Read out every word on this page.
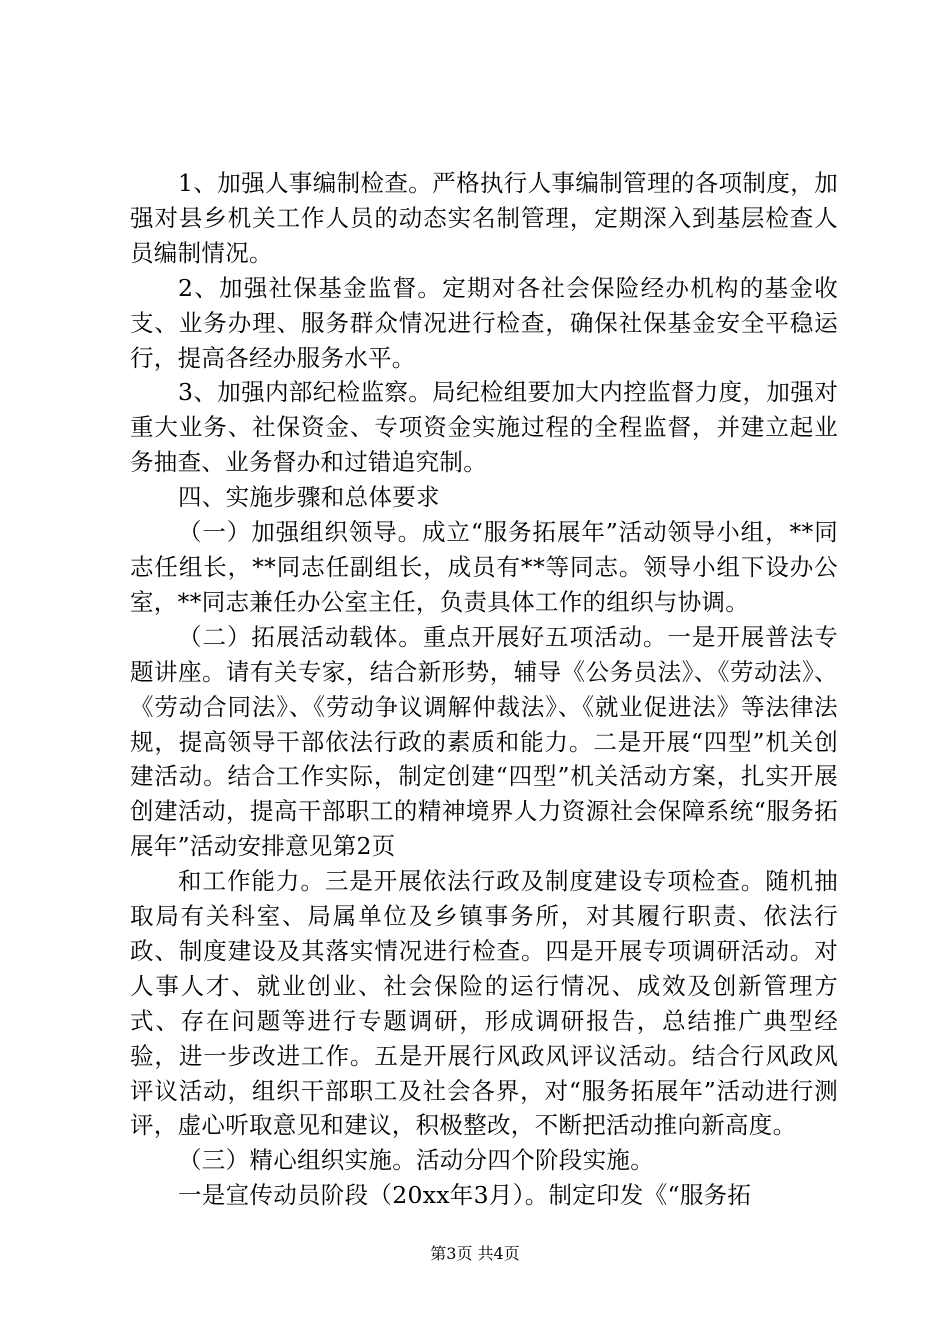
1、加强人事编制检查。严格执行人事编制管理的各项制度，加强对县乡机关工作人员的动态实名制管理，定期深入到基层检查人员编制情况。

2、加强社保基金监督。定期对各社会保险经办机构的基金收支、业务办理、服务群众情况进行检查，确保社保基金安全平稳运行，提高各经办服务水平。

3、加强内部纪检监察。局纪检组要加大内控监督力度，加强对重大业务、社保资金、专项资金实施过程的全程监督，并建立起业务抽查、业务督办和过错追究制。

四、实施步骤和总体要求

（一）加强组织领导。成立“服务拓展年”活动领导小组，**同志任组长，**同志任副组长，成员有**等同志。领导小组下设办公室，**同志兼任办公室主任，负责具体工作的组织与协调。

（二）拓展活动载体。重点开展好五项活动。一是开展普法专题讲座。请有关专家，结合新形势，辅导《公务员法》、《劳动法》、《劳动合同法》、《劳动争议调解仲裁法》、《就业促进法》等法律法规，提高领导干部依法行政的素质和能力。二是开展“四型”机关创建活动。结合工作实际，制定创建“四型”机关活动方案，扎实开展创建活动，提高干部职工的精神境界人力资源社会保障系统“服务拓展年”活动安排意见第2页

和工作能力。三是开展依法行政及制度建设专项检查。随机抽取局有关科室、局属单位及乡镇事务所，对其履行职责、依法行政、制度建设及其落实情况进行检查。四是开展专项调研活动。对人事人才、就业创业、社会保险的运行情况、成效及创新管理方式、存在问题等进行专题调研，形成调研报告，总结推广典型经验，进一步改进工作。五是开展行风政风评议活动。结合行风政风评议活动，组织干部职工及社会各界，对“服务拓展年”活动进行测评，虚心听取意见和建议，积极整改，不断把活动推向新高度。

（三）精心组织实施。活动分四个阶段实施。

一是宣传动员阶段（20xx年3月）。制定印发《“服务拓

第3页 共4页
